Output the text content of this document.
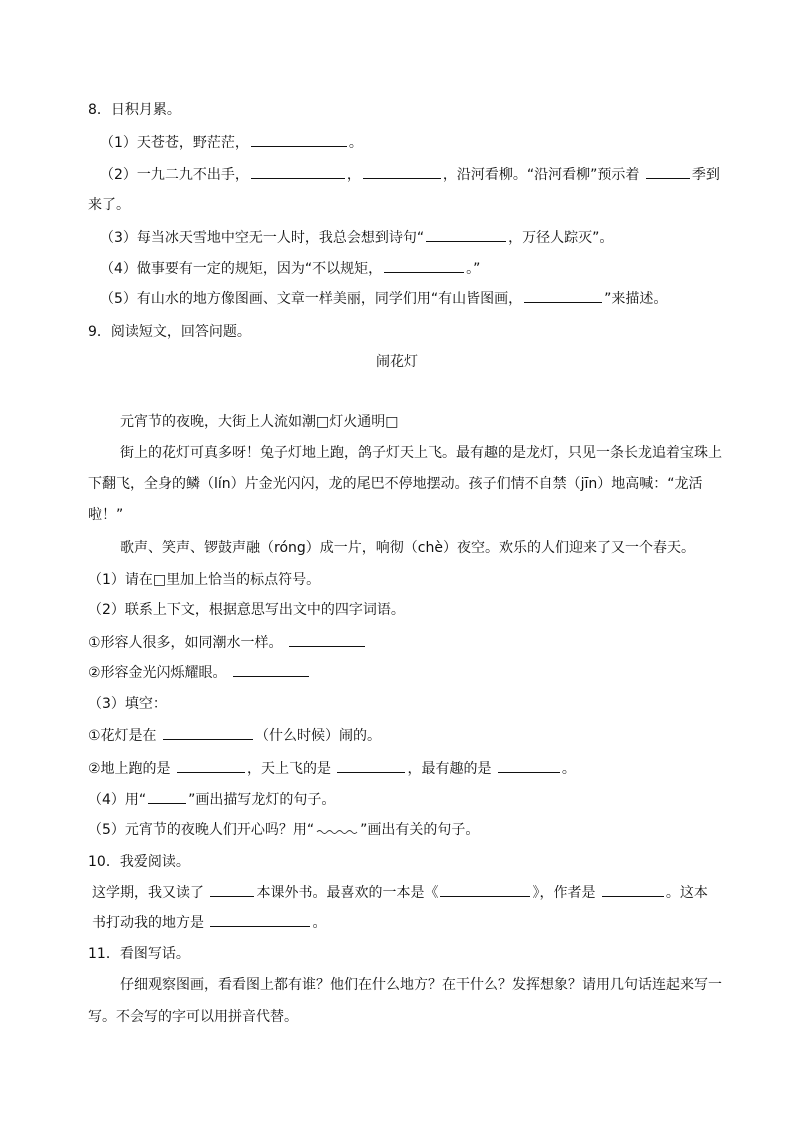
8．日积月累。
（1）天苍苍，野茫茫，	。
（2）一九二九不出手，	，	，沿河看柳。“沿河看柳”预示着	季到
来了。
（3）每当冰天雪地中空无一人时，我总会想到诗句“	，万径人踪灭”。
（4）做事要有一定的规矩，因为“不以规矩，	。”
（5）有山水的地方像图画、文章一样美丽，同学们用“有山皆图画，	”来描述。
9．阅读短文，回答问题。
闹花灯
元宵节的夜晚，大街上人流如潮□灯火通明□
街上的花灯可真多呀！兔子灯地上跑，鸽子灯天上飞。最有趣的是龙灯，只见一条长龙追着宝珠上
下翻飞，全身的鳞（lín）片金光闪闪，龙的尾巴不停地摆动。孩子们情不自禁（jīn）地高喊：“龙活
啦！”
歌声、笑声、锣鼓声融（róng）成一片，响彻（chè）夜空。欢乐的人们迎来了又一个春天。
（1）请在□里加上恰当的标点符号。
（2）联系上下文，根据意思写出文中的四字词语。
①形容人很多，如同潮水一样。
②形容金光闪烁耀眼。
（3）填空：
①花灯是在	（什么时候）闹的。
②地上跑的是	，天上飞的是	，最有趣的是	。
（4）用“	”画出描写龙灯的句子。
（5）元宵节的夜晚人们开心吗？用“	”画出有关的句子。
10．我爱阅读。
这学期，我又读了	本课外书。最喜欢的一本是《	》，作者是	。这本
书打动我的地方是	。
11．看图写话。
仔细观察图画，看看图上都有谁？他们在什么地方？在干什么？发挥想象？请用几句话连起来写一
写。不会写的字可以用拼音代替。
